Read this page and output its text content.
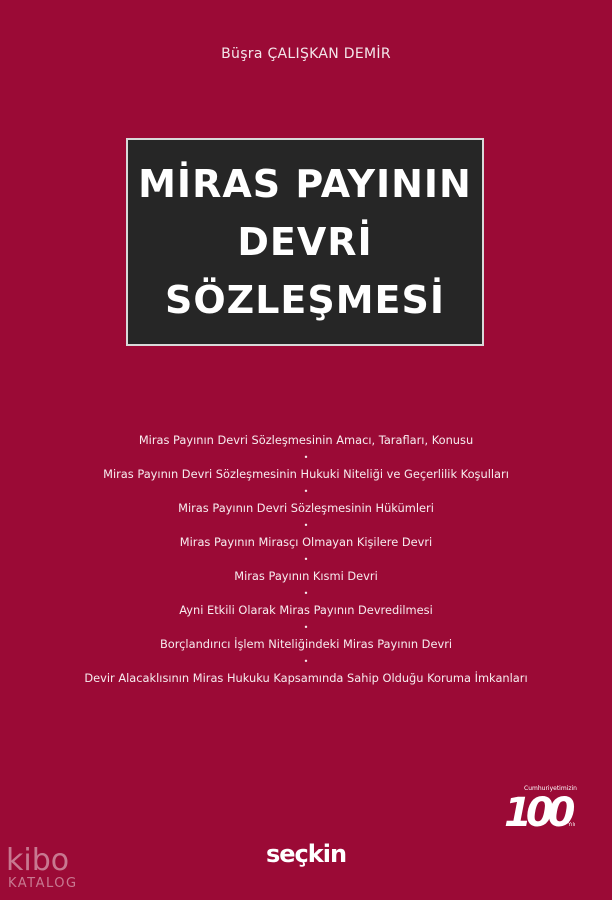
Büşra ÇALIŞKAN DEMİR
MİRAS PAYININ
DEVRİ
SÖZLEŞMESİ
Miras Payının Devri Sözleşmesinin Amacı, Tarafları, Konusu
•
Miras Payının Devri Sözleşmesinin Hukuki Niteliği ve Geçerlilik Koşulları
•
Miras Payının Devri Sözleşmesinin Hükümleri
•
Miras Payının Mirasçı Olmayan Kişilere Devri
•
Miras Payının Kısmi Devri
•
Ayni Etkili Olarak Miras Payının Devredilmesi
•
Borçlandırıcı İşlem Niteliğindeki Miras Payının Devri
•
Devir Alacaklısının Miras Hukuku Kapsamında Sahip Olduğu Koruma İmkanları
Cumhuriyetimizin
100
Yılı
seçkin
kibo
KATALOG
